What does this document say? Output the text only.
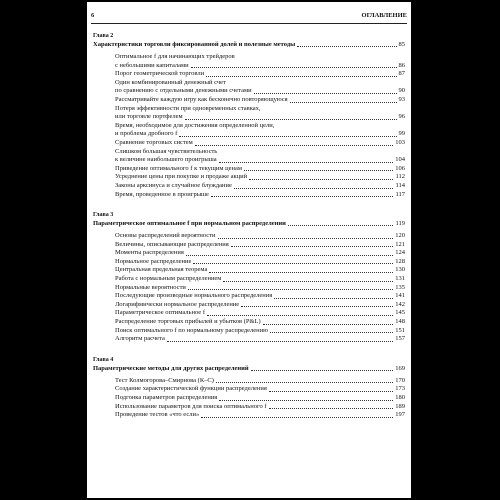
6	ОГЛАВЛЕНИЕ
Глава 2
Характеристики торговли фиксированной долей и полезные методы	85
Оптимальное f для начинающих трейдеров
с небольшими капиталами	86
Порог геометрической торговли	87
Один комбинированный денежный счет
по сравнению с отдельными денежными счетами	90
Рассматривайте каждую игру как бесконечно повторяющуюся	93
Потеря эффективности при одновременных ставках,
или торговле портфелем	96
Время, необходимое для достижения определенной цели,
и проблема дробного f	99
Сравнение торговых систем	103
Слишком большая чувствительность
к величине наибольшего проигрыша	104
Приведение оптимального f к текущим ценам	106
Усреднение цены при покупке и продаже акций	112
Законы арксинуса и случайное блуждание	114
Время, проведенное в проигрыше	117
Глава 3
Параметрическое оптимальное f при нормальном распределении	119
Основы распределений вероятности	120
Величины, описывающие распределения	121
Моменты распределения	124
Нормальное распределение	128
Центральная предельная теорема	130
Работа с нормальным распределением	131
Нормальные вероятности	135
Последующие производные нормального распределения	141
Логарифмически нормальное распределение	142
Параметрическое оптимальное f	145
Распределение торговых прибылей и убытков (P&L)	148
Поиск оптимального f по нормальному распределению	151
Алгоритм расчета	157
Глава 4
Параметрические методы для других распределений	169
Тест Колмогорова–Смирнова (К–С)	170
Создание характеристической функции распределения	173
Подгонка параметров распределения	180
Использование параметров для поиска оптимального f	189
Проведение тестов «что если»	197
